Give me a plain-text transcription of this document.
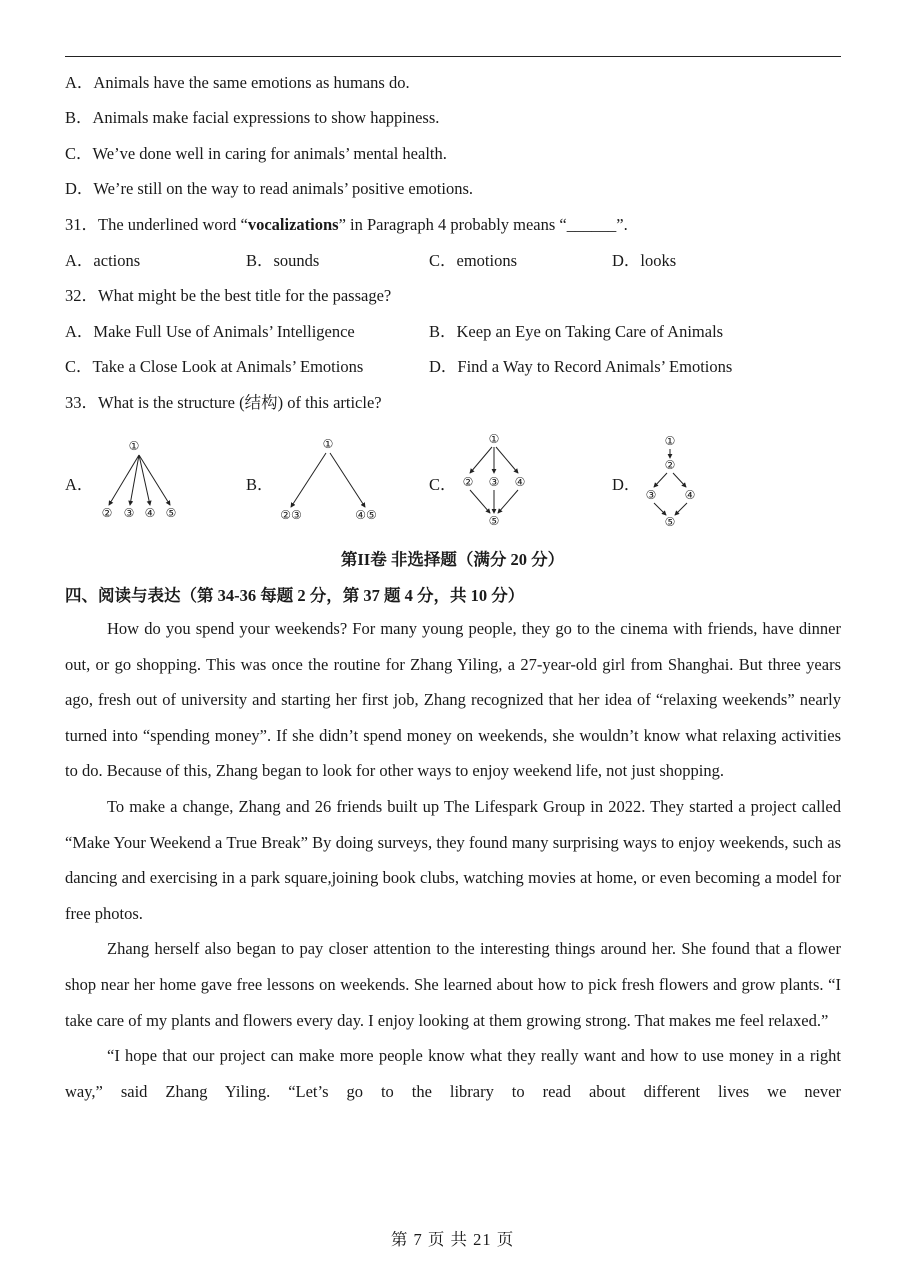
A．Animals have the same emotions as humans do.
B．Animals make facial expressions to show happiness.
C．We’ve done well in caring for animals’ mental health.
D．We’re still on the way to read animals’ positive emotions.
31．The underlined word “vocalizations” in Paragraph 4 probably means “______”.
A．actions	B．sounds	C．emotions	D．looks
32．What might be the best title for the passage?
A．Make Full Use of Animals’ Intelligence	B．Keep an Eye on Taking Care of Animals
C．Take a Close Look at Animals’ Emotions	D．Find a Way to Record Animals’ Emotions
33．What is the structure (结构) of this article?
A．	B．	C．	D．
①
② ③ ④ ⑤
①
②③	④⑤
①
② ③ ④
⑤
①
②
③ ④
⑤
第II卷 非选择题（满分 20 分）
四、阅读与表达（第 34-36 每题 2 分，第 37 题 4 分，共 10 分）

How do you spend your weekends? For many young people, they go to the cinema with friends, have dinner out, or go shopping. This was once the routine for Zhang Yiling, a 27-year-old girl from Shanghai. But three years ago, fresh out of university and starting her first job, Zhang recognized that her idea of “relaxing weekends” nearly turned into “spending money”. If she didn’t spend money on weekends, she wouldn’t know what relaxing activities to do. Because of this, Zhang began to look for other ways to enjoy weekend life, not just shopping.

To make a change, Zhang and 26 friends built up The Lifespark Group in 2022. They started a project called “Make Your Weekend a True Break” By doing surveys, they found many surprising ways to enjoy weekends, such as dancing and exercising in a park square,joining book clubs, watching movies at home, or even becoming a model for free photos.

Zhang herself also began to pay closer attention to the interesting things around her. She found that a flower shop near her home gave free lessons on weekends. She learned about how to pick fresh flowers and grow plants. “I take care of my plants and flowers every day. I enjoy looking at them growing strong. That makes me feel relaxed.”

“I hope that our project can make more people know what they really want and how to use money in a right way,” said Zhang Yiling. “Let’s go to the library to read about different lives we never

第 7 页 共 21 页
